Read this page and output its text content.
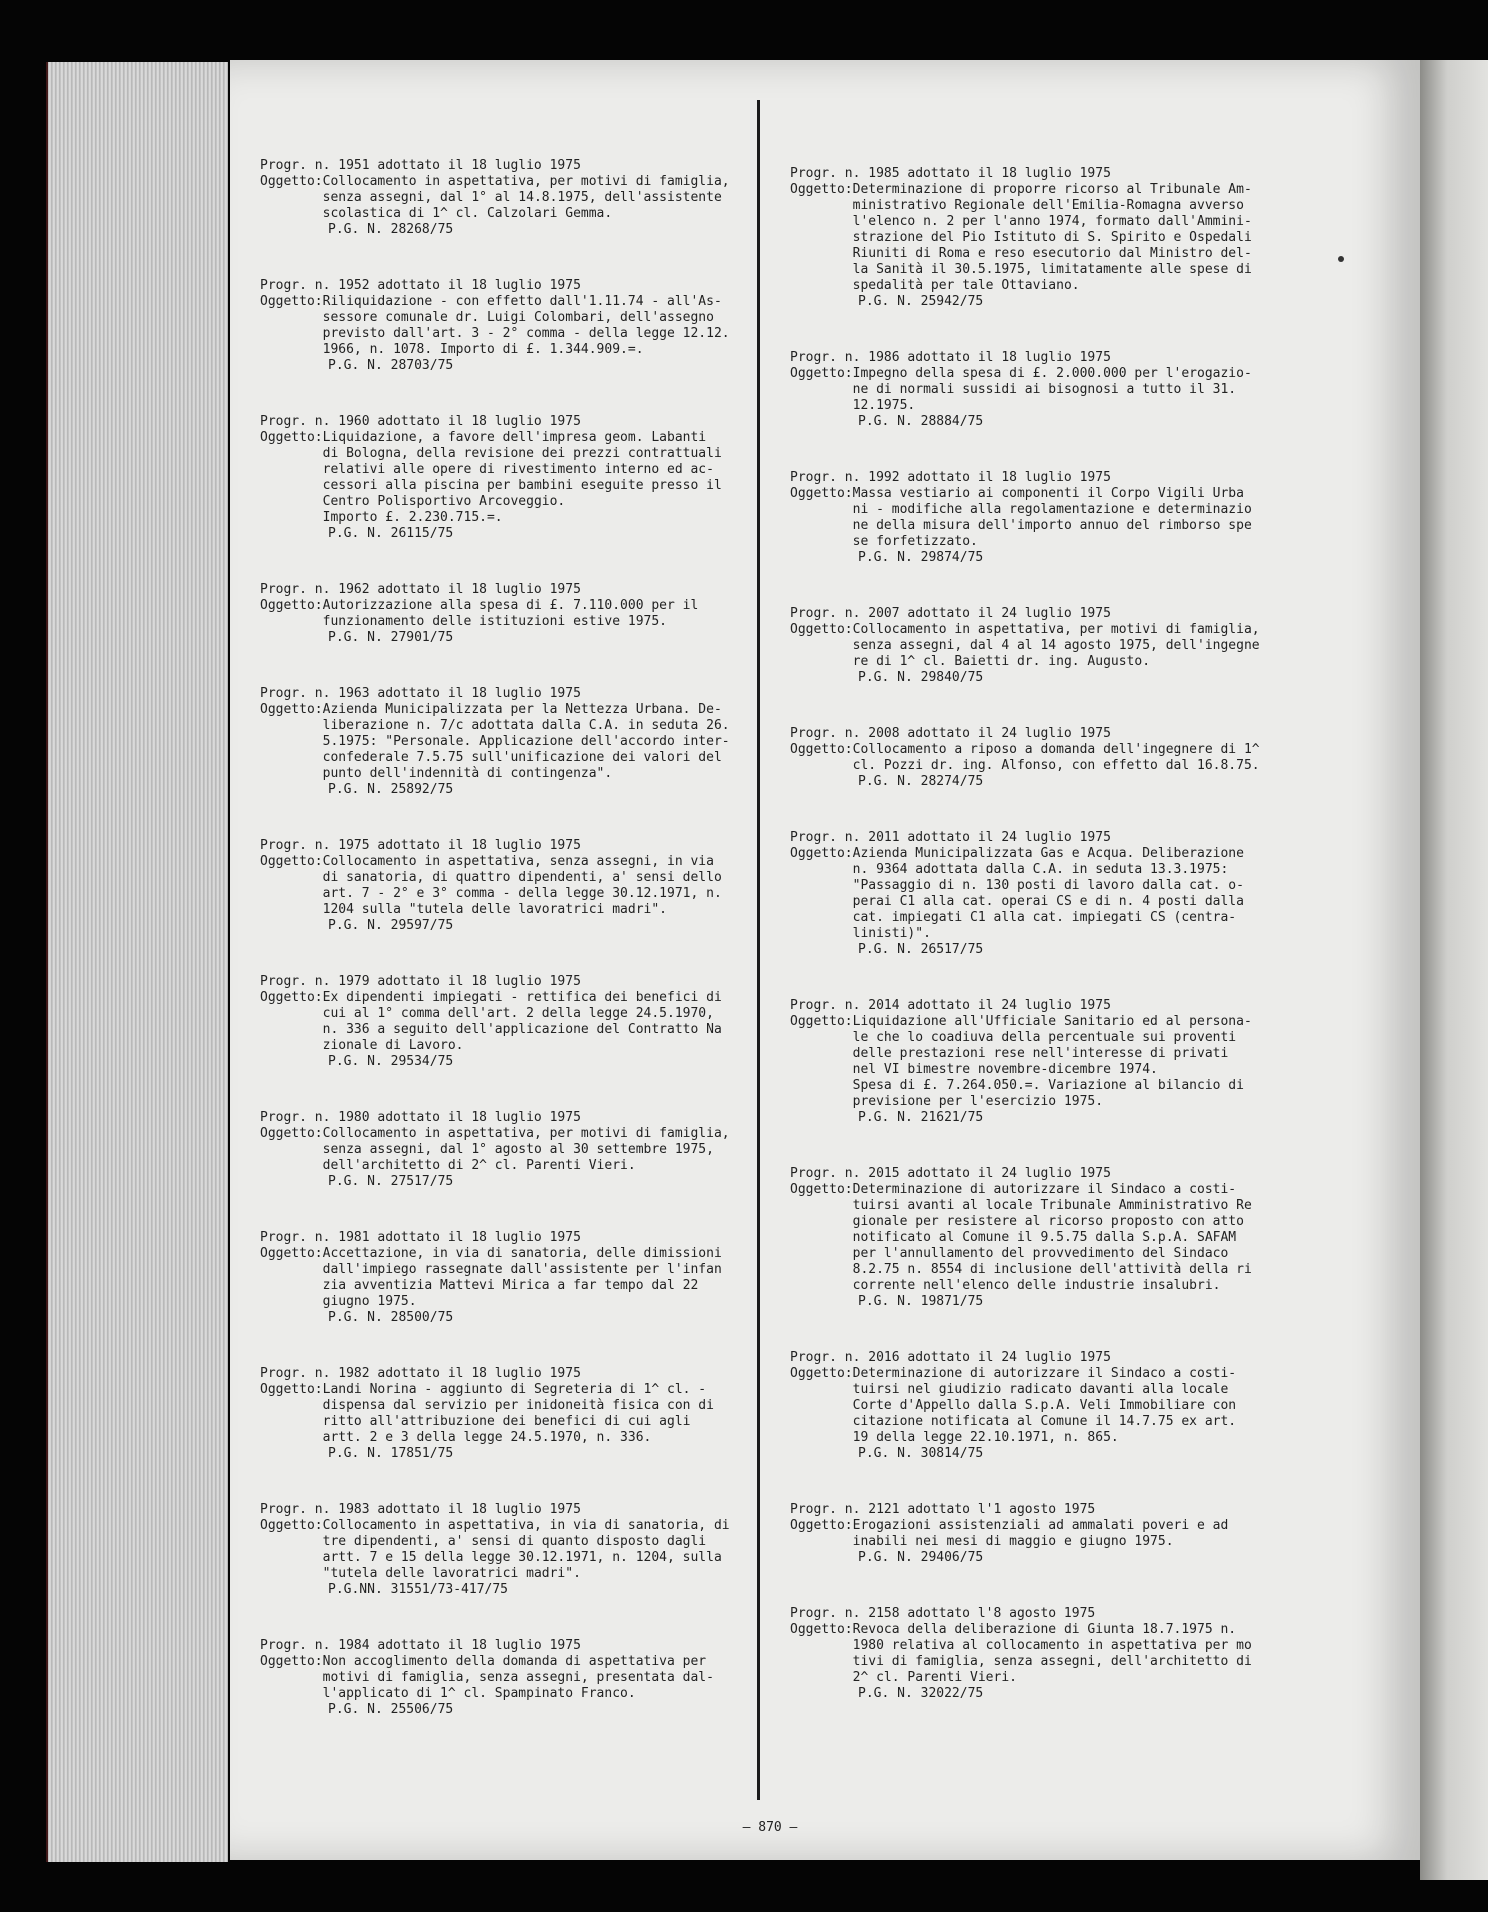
Progr. n. 1951 adottato il 18 luglio 1975
Oggetto: Collocamento in aspettativa, per motivi di famiglia,
senza assegni, dal 1° al 14.8.1975, dell'assistente
scolastica di 1^ cl. Calzolari Gemma.
P.G. N. 28268/75
Progr. n. 1952 adottato il 18 luglio 1975
Oggetto: Riliquidazione - con effetto dall'1.11.74 - all'As-
sessore comunale dr. Luigi Colombari, dell'assegno
previsto dall'art. 3 - 2° comma - della legge 12.12.
1966, n. 1078. Importo di £. 1.344.909.=.
P.G. N. 28703/75
Progr. n. 1960 adottato il 18 luglio 1975
Oggetto: Liquidazione, a favore dell'impresa geom. Labanti
di Bologna, della revisione dei prezzi contrattuali
relativi alle opere di rivestimento interno ed ac-
cessori alla piscina per bambini eseguite presso il
Centro Polisportivo Arcoveggio.
Importo £. 2.230.715.=.
P.G. N. 26115/75
Progr. n. 1962 adottato il 18 luglio 1975
Oggetto: Autorizzazione alla spesa di £. 7.110.000 per il
funzionamento delle istituzioni estive 1975.
P.G. N. 27901/75
Progr. n. 1963 adottato il 18 luglio 1975
Oggetto: Azienda Municipalizzata per la Nettezza Urbana. De-
liberazione n. 7/c adottata dalla C.A. in seduta 26.
5.1975: "Personale. Applicazione dell'accordo inter-
confederale 7.5.75 sull'unificazione dei valori del
punto dell'indennità di contingenza".
P.G. N. 25892/75
Progr. n. 1975 adottato il 18 luglio 1975
Oggetto: Collocamento in aspettativa, senza assegni, in via
di sanatoria, di quattro dipendenti, a' sensi dello
art. 7 - 2° e 3° comma - della legge 30.12.1971, n.
1204 sulla "tutela delle lavoratrici madri".
P.G. N. 29597/75
Progr. n. 1979 adottato il 18 luglio 1975
Oggetto: Ex dipendenti impiegati - rettifica dei benefici di
cui al 1° comma dell'art. 2 della legge 24.5.1970,
n. 336 a seguito dell'applicazione del Contratto Na
zionale di Lavoro.
P.G. N. 29534/75
Progr. n. 1980 adottato il 18 luglio 1975
Oggetto: Collocamento in aspettativa, per motivi di famiglia,
senza assegni, dal 1° agosto al 30 settembre 1975,
dell'architetto di 2^ cl. Parenti Vieri.
P.G. N. 27517/75
Progr. n. 1981 adottato il 18 luglio 1975
Oggetto: Accettazione, in via di sanatoria, delle dimissioni
dall'impiego rassegnate dall'assistente per l'infan
zia avventizia Mattevi Mirica a far tempo dal 22
giugno 1975.
P.G. N. 28500/75
Progr. n. 1982 adottato il 18 luglio 1975
Oggetto: Landi Norina - aggiunto di Segreteria di 1^ cl. -
dispensa dal servizio per inidoneità fisica con di
ritto all'attribuzione dei benefici di cui agli
artt. 2 e 3 della legge 24.5.1970, n. 336.
P.G. N. 17851/75
Progr. n. 1983 adottato il 18 luglio 1975
Oggetto: Collocamento in aspettativa, in via di sanatoria, di
tre dipendenti, a' sensi di quanto disposto dagli
artt. 7 e 15 della legge 30.12.1971, n. 1204, sulla
"tutela delle lavoratrici madri".
P.G.NN. 31551/73-417/75
Progr. n. 1984 adottato il 18 luglio 1975
Oggetto: Non accoglimento della domanda di aspettativa per
motivi di famiglia, senza assegni, presentata dal-
l'applicato di 1^ cl. Spampinato Franco.
P.G. N. 25506/75
Progr. n. 1985 adottato il 18 luglio 1975
Oggetto: Determinazione di proporre ricorso al Tribunale Am-
ministrativo Regionale dell'Emilia-Romagna avverso
l'elenco n. 2 per l'anno 1974, formato dall'Ammini-
strazione del Pio Istituto di S. Spirito e Ospedali
Riuniti di Roma e reso esecutorio dal Ministro del-
la Sanità il 30.5.1975, limitatamente alle spese di
spedalità per tale Ottaviano.
P.G. N. 25942/75
Progr. n. 1986 adottato il 18 luglio 1975
Oggetto: Impegno della spesa di £. 2.000.000 per l'erogazio-
ne di normali sussidi ai bisognosi a tutto il 31.
12.1975.
P.G. N. 28884/75
Progr. n. 1992 adottato il 18 luglio 1975
Oggetto: Massa vestiario ai componenti il Corpo Vigili Urba
ni - modifiche alla regolamentazione e determinazio
ne della misura dell'importo annuo del rimborso spe
se forfetizzato.
P.G. N. 29874/75
Progr. n. 2007 adottato il 24 luglio 1975
Oggetto: Collocamento in aspettativa, per motivi di famiglia,
senza assegni, dal 4 al 14 agosto 1975, dell'ingegne
re di 1^ cl. Baietti dr. ing. Augusto.
P.G. N. 29840/75
Progr. n. 2008 adottato il 24 luglio 1975
Oggetto: Collocamento a riposo a domanda dell'ingegnere di 1^
cl. Pozzi dr. ing. Alfonso, con effetto dal 16.8.75.
P.G. N. 28274/75
Progr. n. 2011 adottato il 24 luglio 1975
Oggetto: Azienda Municipalizzata Gas e Acqua. Deliberazione
n. 9364 adottata dalla C.A. in seduta 13.3.1975:
"Passaggio di n. 130 posti di lavoro dalla cat. o-
perai C1 alla cat. operai CS e di n. 4 posti dalla
cat. impiegati C1 alla cat. impiegati CS (centra-
linisti)".
P.G. N. 26517/75
Progr. n. 2014 adottato il 24 luglio 1975
Oggetto: Liquidazione all'Ufficiale Sanitario ed al persona-
le che lo coadiuva della percentuale sui proventi
delle prestazioni rese nell'interesse di privati
nel VI bimestre novembre-dicembre 1974.
Spesa di £. 7.264.050.=. Variazione al bilancio di
previsione per l'esercizio 1975.
P.G. N. 21621/75
Progr. n. 2015 adottato il 24 luglio 1975
Oggetto: Determinazione di autorizzare il Sindaco a costi-
tuirsi avanti al locale Tribunale Amministrativo Re
gionale per resistere al ricorso proposto con atto
notificato al Comune il 9.5.75 dalla S.p.A. SAFAM
per l'annullamento del provvedimento del Sindaco
8.2.75 n. 8554 di inclusione dell'attività della ri
corrente nell'elenco delle industrie insalubri.
P.G. N. 19871/75
Progr. n. 2016 adottato il 24 luglio 1975
Oggetto: Determinazione di autorizzare il Sindaco a costi-
tuirsi nel giudizio radicato davanti alla locale
Corte d'Appello dalla S.p.A. Veli Immobiliare con
citazione notificata al Comune il 14.7.75 ex art.
19 della legge 22.10.1971, n. 865.
P.G. N. 30814/75
Progr. n. 2121 adottato l'1 agosto 1975
Oggetto: Erogazioni assistenziali ad ammalati poveri e ad
inabili nei mesi di maggio e giugno 1975.
P.G. N. 29406/75
Progr. n. 2158 adottato l'8 agosto 1975
Oggetto: Revoca della deliberazione di Giunta 18.7.1975 n.
1980 relativa al collocamento in aspettativa per mo
tivi di famiglia, senza assegni, dell'architetto di
2^ cl. Parenti Vieri.
P.G. N. 32022/75
– 870 –
